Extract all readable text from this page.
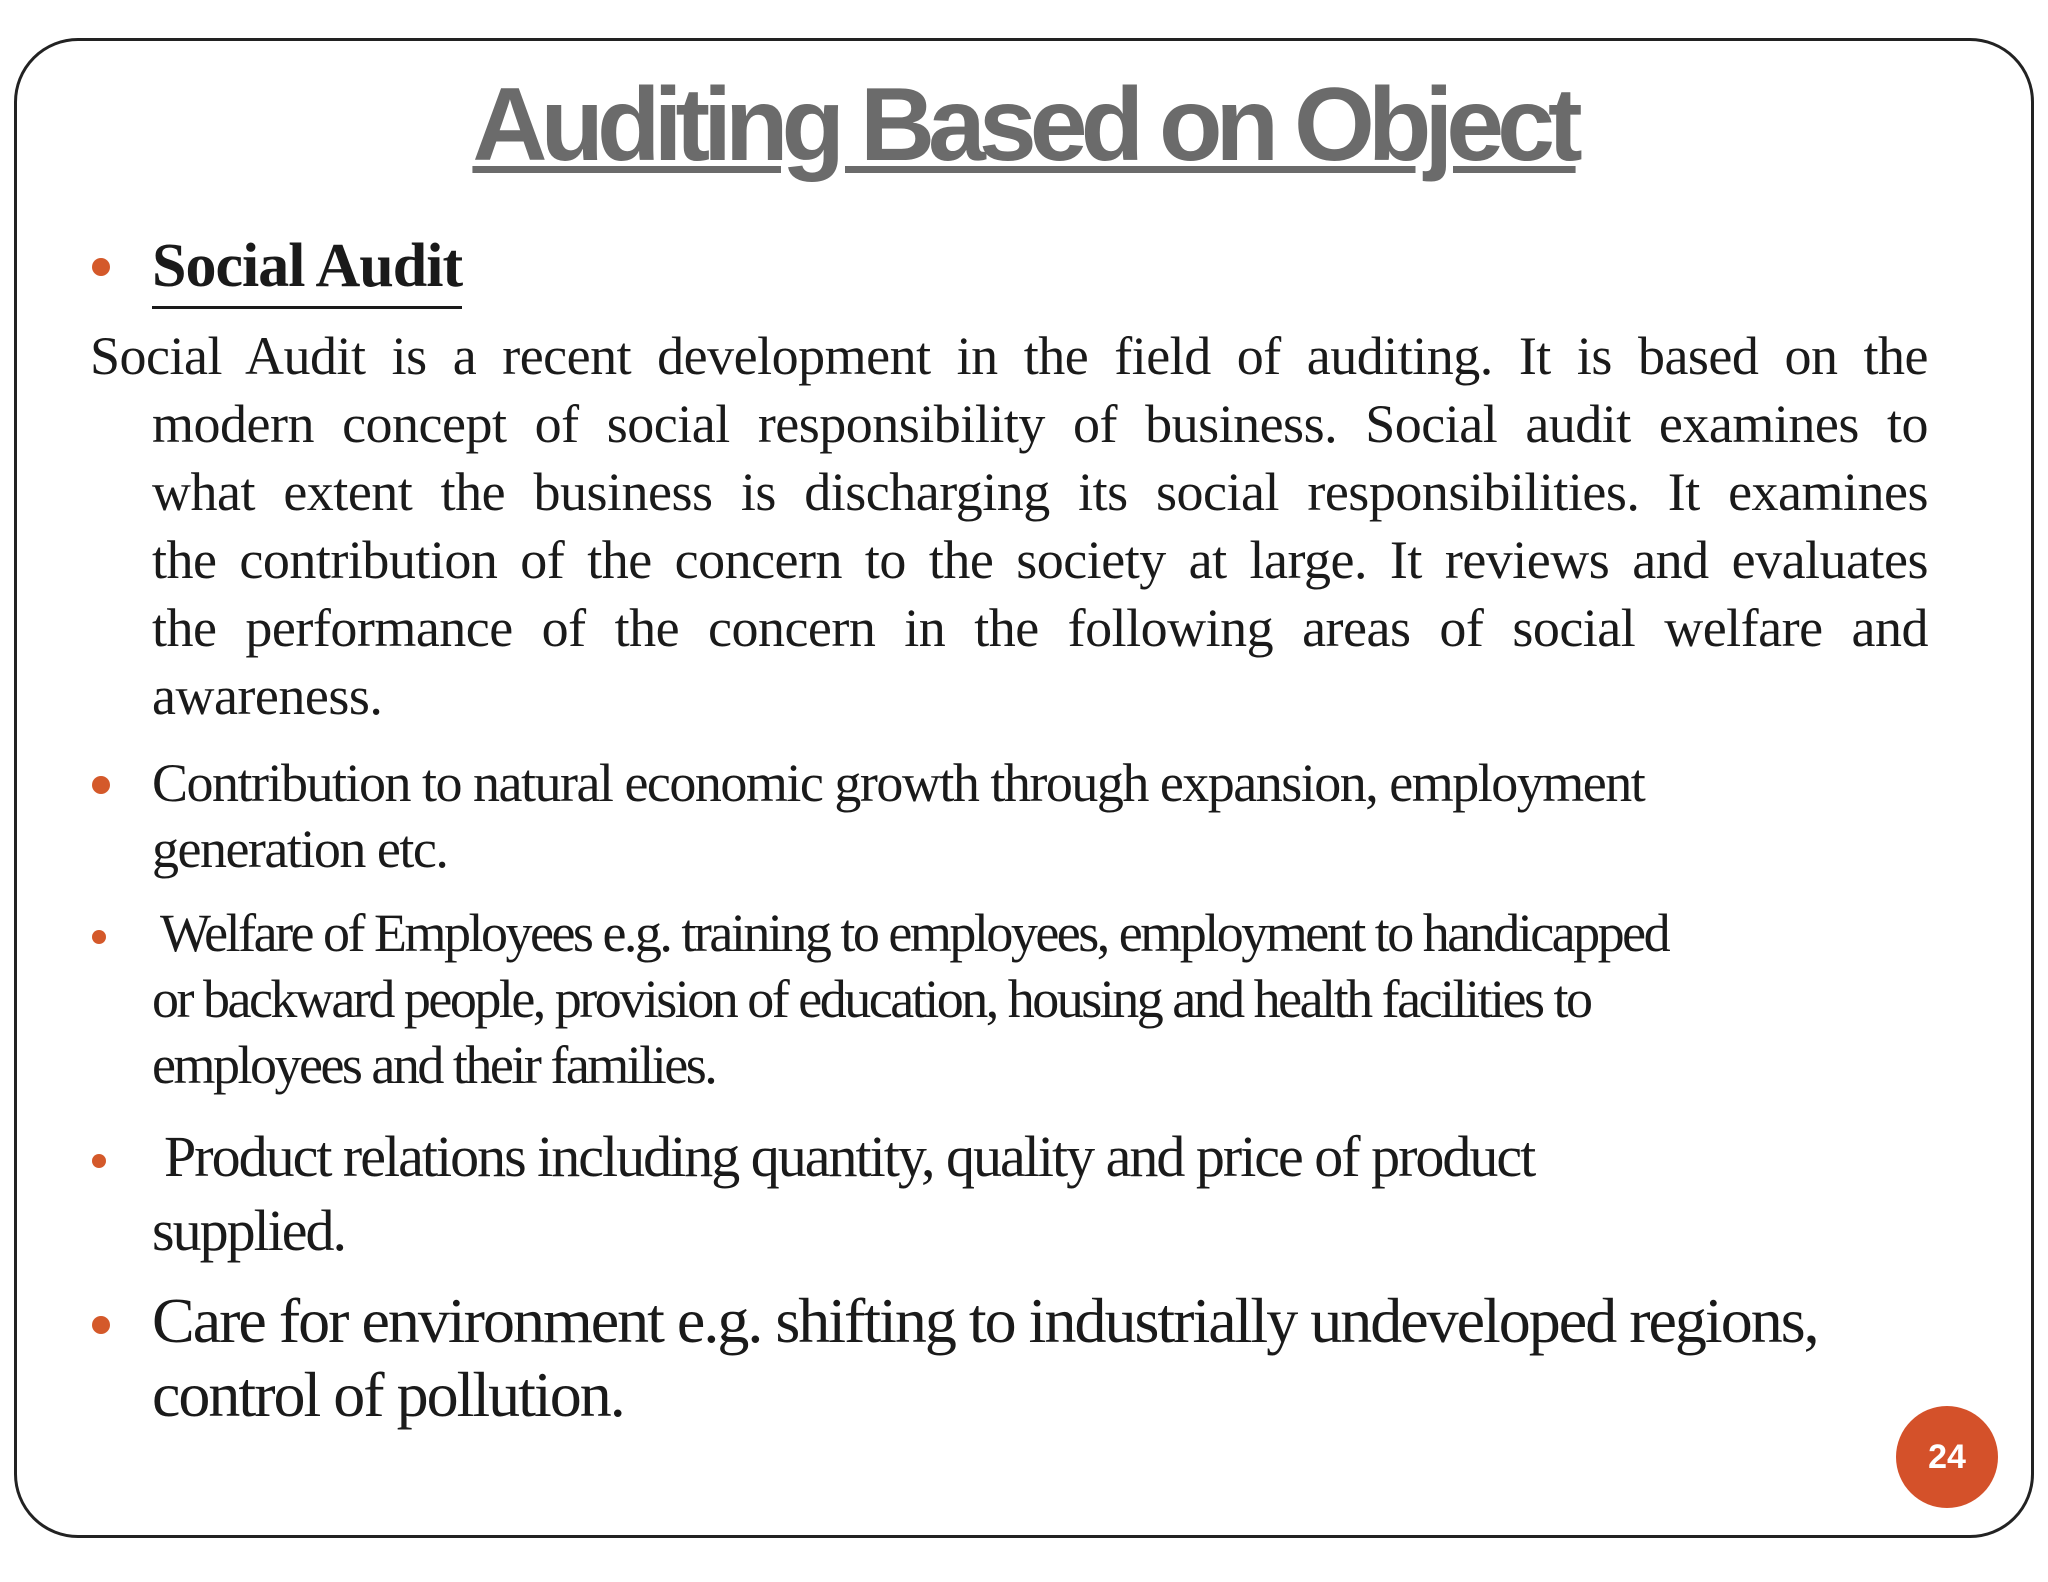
Auditing Based on Object
Social Audit
Social Audit is a recent development in the field of auditing. It is based on the
modern concept of social responsibility of business. Social audit examines to
what extent the business is discharging its social responsibilities. It examines
the contribution of the concern to the society at large. It reviews and evaluates
the performance of the concern in the following areas of social welfare and
awareness.
Contribution to natural economic growth through expansion, employment
generation etc.
Welfare of Employees e.g. training to employees, employment to handicapped
or backward people, provision of education, housing and health facilities to
employees and their families.
Product relations including quantity, quality and price of product
supplied.
Care for environment e.g. shifting to industrially undeveloped regions,
control of pollution.
24
